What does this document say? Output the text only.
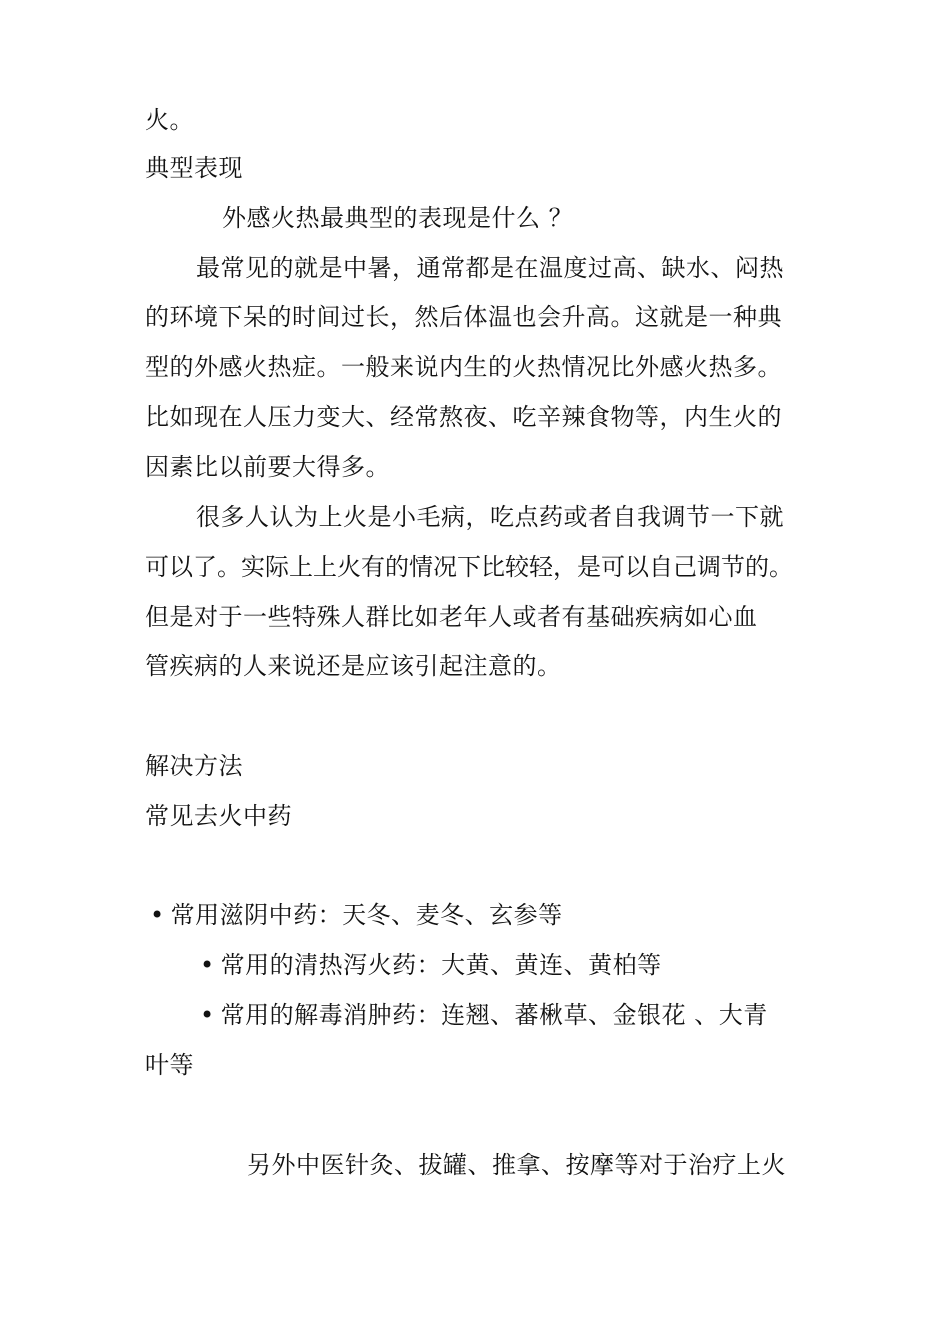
火。
典型表现
外感火热最典型的表现是什么 ？
最常见的就是中暑，通常都是在温度过高、缺水、闷热
的环境下呆的时间过长，然后体温也会升高。这就是一种典
型的外感火热症。一般来说内生的火热情况比外感火热多。
比如现在人压力变大、经常熬夜、吃辛辣食物等，内生火的
因素比以前要大得多。
很多人认为上火是小毛病，吃点药或者自我调节一下就
可以了。实际上上火有的情况下比较轻，是可以自己调节的。
但是对于一些特殊人群比如老年人或者有基础疾病如心血
管疾病的人来说还是应该引起注意的。
解决方法
常见去火中药
• 常用滋阴中药：天冬、麦冬、玄参等
• 常用的清热泻火药：大黄、黄连、黄柏等
• 常用的解毒消肿药：连翘、蕃楸草、金银花 、大青
叶等
另外中医针灸、拔罐、推拿、按摩等对于治疗上火
